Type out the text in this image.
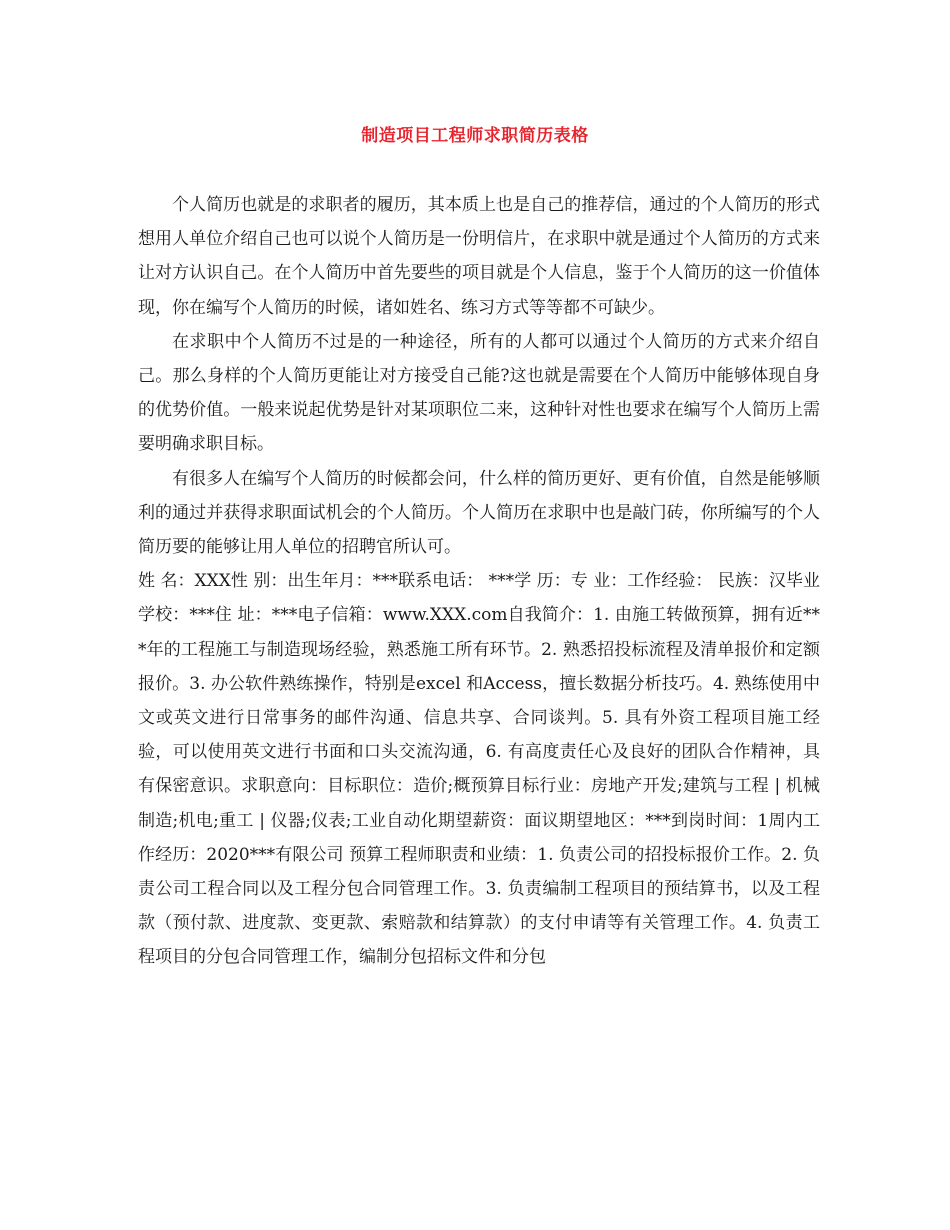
制造项目工程师求职简历表格

个人简历也就是的求职者的履历，其本质上也是自己的推荐信，通过的个人简历的形式想用人单位介绍自己也可以说个人简历是一份明信片，在求职中就是通过个人简历的方式来让对方认识自己。在个人简历中首先要些的项目就是个人信息，鉴于个人简历的这一价值体现，你在编写个人简历的时候，诸如姓名、练习方式等等都不可缺少。

在求职中个人简历不过是的一种途径，所有的人都可以通过个人简历的方式来介绍自己。那么身样的个人简历更能让对方接受自己能?这也就是需要在个人简历中能够体现自身的优势价值。一般来说起优势是针对某项职位二来，这种针对性也要求在编写个人简历上需要明确求职目标。

有很多人在编写个人简历的时候都会问，什么样的简历更好、更有价值，自然是能够顺利的通过并获得求职面试机会的个人简历。个人简历在求职中也是敲门砖，你所编写的个人简历要的能够让用人单位的招聘官所认可。

姓 名：XXX性 别：出生年月：***联系电话： ***学 历：专 业：工作经验： 民族：汉毕业学校：***住 址：***电子信箱：www.XXX.com自我简介：1. 由施工转做预算，拥有近***年的工程施工与制造现场经验，熟悉施工所有环节。2. 熟悉招投标流程及清单报价和定额报价。3. 办公软件熟练操作，特别是excel 和Access，擅长数据分析技巧。4. 熟练使用中文或英文进行日常事务的邮件沟通、信息共享、合同谈判。5. 具有外资工程项目施工经验，可以使用英文进行书面和口头交流沟通，6. 有高度责任心及良好的团队合作精神，具有保密意识。求职意向：目标职位：造价;概预算目标行业：房地产开发;建筑与工程 | 机械制造;机电;重工 | 仪器;仪表;工业自动化期望薪资：面议期望地区：***到岗时间：1周内工作经历：2020***有限公司 预算工程师职责和业绩：1. 负责公司的招投标报价工作。2. 负责公司工程合同以及工程分包合同管理工作。3. 负责编制工程项目的预结算书，以及工程款（预付款、进度款、变更款、索赔款和结算款）的支付申请等有关管理工作。4. 负责工程项目的分包合同管理工作，编制分包招标文件和分包
